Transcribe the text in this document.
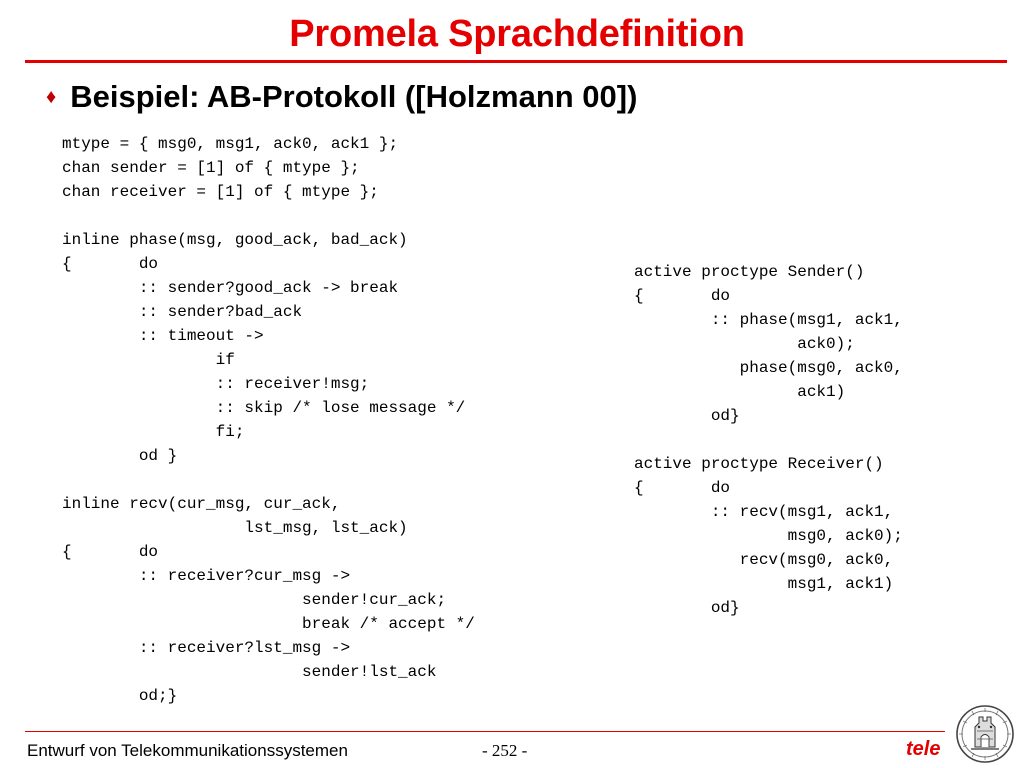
Promela Sprachdefinition
♦ Beispiel: AB-Protokoll ([Holzmann 00])
mtype = { msg0, msg1, ack0, ack1 };
chan sender = [1] of { mtype };
chan receiver = [1] of { mtype };

inline phase(msg, good_ack, bad_ack)
{       do
:: sender?good_ack -> break
:: sender?bad_ack
:: timeout ->
if
:: receiver!msg;
:: skip /* lose message */
fi;
od }

inline recv(cur_msg, cur_ack,
lst_msg, lst_ack)
{       do
:: receiver?cur_msg ->
sender!cur_ack;
break /* accept */
:: receiver?lst_msg ->
sender!lst_ack
od;}
active proctype Sender()
{       do
:: phase(msg1, ack1,
ack0);
phase(msg0, ack0,
ack1)
od}

active proctype Receiver()
{       do
:: recv(msg1, ack1,
msg0, ack0);
recv(msg0, ack0,
msg1, ack1)
od}
Entwurf von Telekommunikationssystemen	- 252 -	tele
